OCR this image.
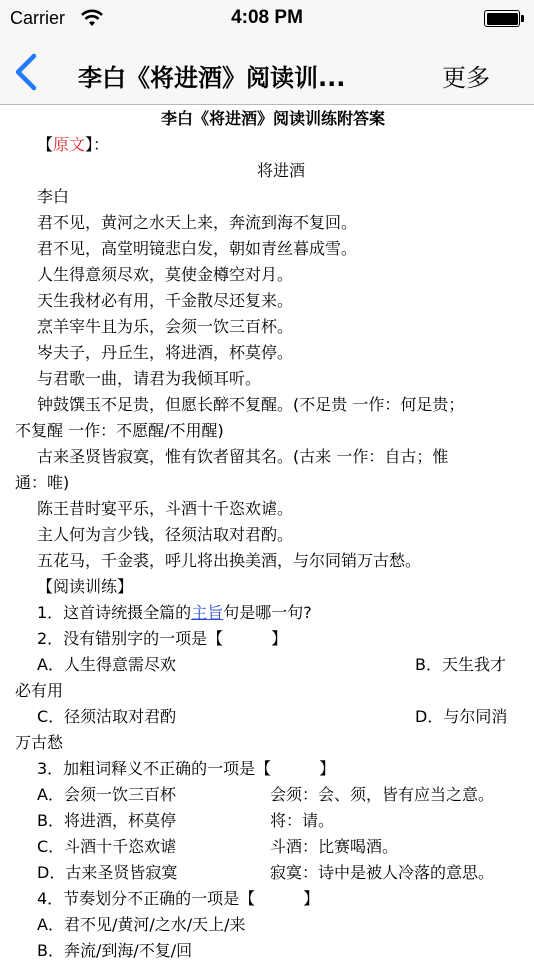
Carrier	4:08 PM
李白《将进酒》阅读训...	更多
李白《将进酒》阅读训练附答案
【原文】：
将进酒
李白
君不见，黄河之水天上来，奔流到海不复回。
君不见，高堂明镜悲白发，朝如青丝暮成雪。
人生得意须尽欢，莫使金樽空对月。
天生我材必有用，千金散尽还复来。
烹羊宰牛且为乐，会须一饮三百杯。
岑夫子，丹丘生，将进酒，杯莫停。
与君歌一曲，请君为我倾耳听。
钟鼓馔玉不足贵，但愿长醉不复醒。(不足贵 一作：何足贵；
不复醒 一作：不愿醒/不用醒)
古来圣贤皆寂寞，惟有饮者留其名。(古来 一作：自古；惟
通：唯)
陈王昔时宴平乐，斗酒十千恣欢谑。
主人何为言少钱，径须沽取对君酌。
五花马，千金裘，呼儿将出换美酒，与尔同销万古愁。
【阅读训练】
1．这首诗统摄全篇的主旨句是哪一句?
2．没有错别字的一项是【　　　】
A．人生得意需尽欢	B．天生我才
必有用
C．径须沽取对君酌	D．与尔同消
万古愁
3．加粗词释义不正确的一项是【　　　】
A．会须一饮三百杯	会须：会、须，皆有应当之意。
B．将进酒，杯莫停	将：请。
C．斗酒十千恣欢谑	斗酒：比赛喝酒。
D．古来圣贤皆寂寞	寂寞：诗中是被人冷落的意思。
4．节奏划分不正确的一项是【　　　】
A．君不见/黄河/之水/天上/来
B．奔流/到海/不复/回
